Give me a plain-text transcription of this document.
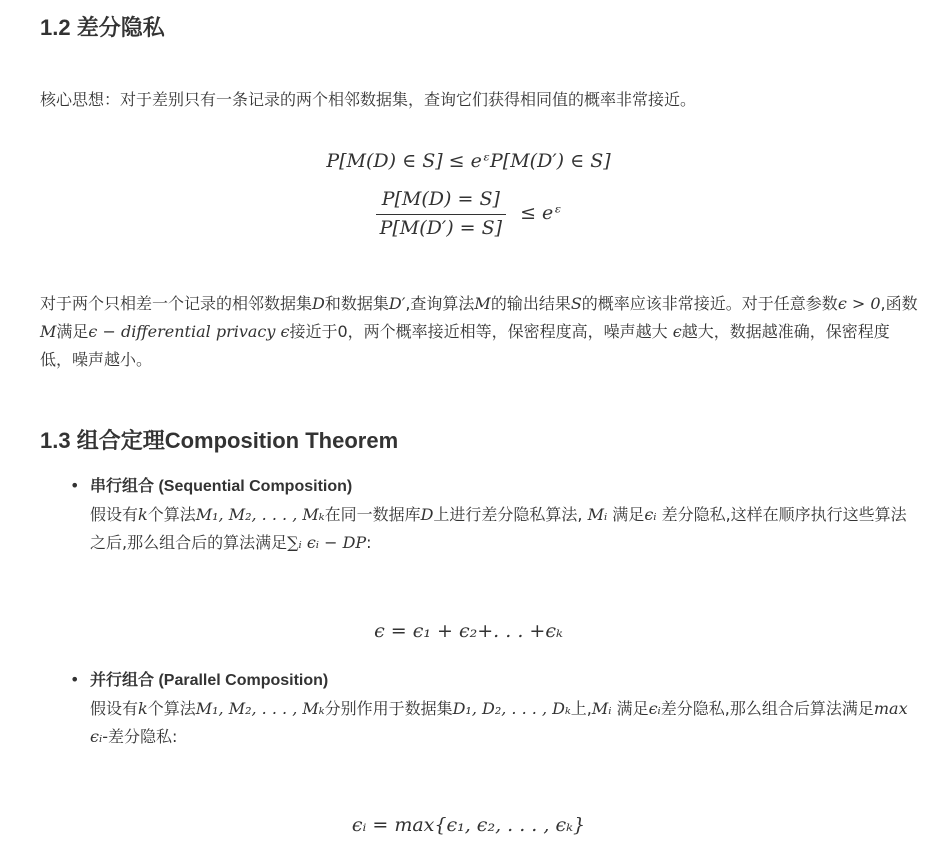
1.2 差分隐私

核心思想：对于差别只有一条记录的两个相邻数据集，查询它们获得相同值的概率非常接近。

P[M(D) ∈ S] ≤ eᵋP[M(D′) ∈ S]
$\frac{P[M(D) = S]}{P[M(D') = S]}$ ≤ eᵋ

对于两个只相差一个记录的相邻数据集D和数据集D′,查询算法M的输出结果S的概率应该非常接近。对于任意参数ϵ > 0,函数M满足ϵ − differential privacy ϵ接近于0，两个概率接近相等，保密程度高，噪声越大 ϵ越大，数据越准确，保密程度低，噪声越小。

1.3 组合定理Composition Theorem
• 串行组合 (Sequential Composition)
假设有k个算法M₁, M₂, . . . , Mₖ在同一数据库D上进行差分隐私算法, Mᵢ 满足ϵᵢ 差分隐私,这样在顺序执行这些算法之后,那么组合后的算法满足∑ᵢ ϵᵢ − DP:
ϵ = ϵ₁ + ϵ₂+. . . +ϵₖ
• 并行组合 (Parallel Composition)
假设有k个算法M₁, M₂, . . . , Mₖ分别作用于数据集D₁, D₂, . . . , Dₖ上,Mᵢ 满足ϵᵢ差分隐私,那么组合后算法满足max ϵᵢ-差分隐私:
ϵᵢ = max{ϵ₁, ϵ₂, . . . , ϵₖ}
